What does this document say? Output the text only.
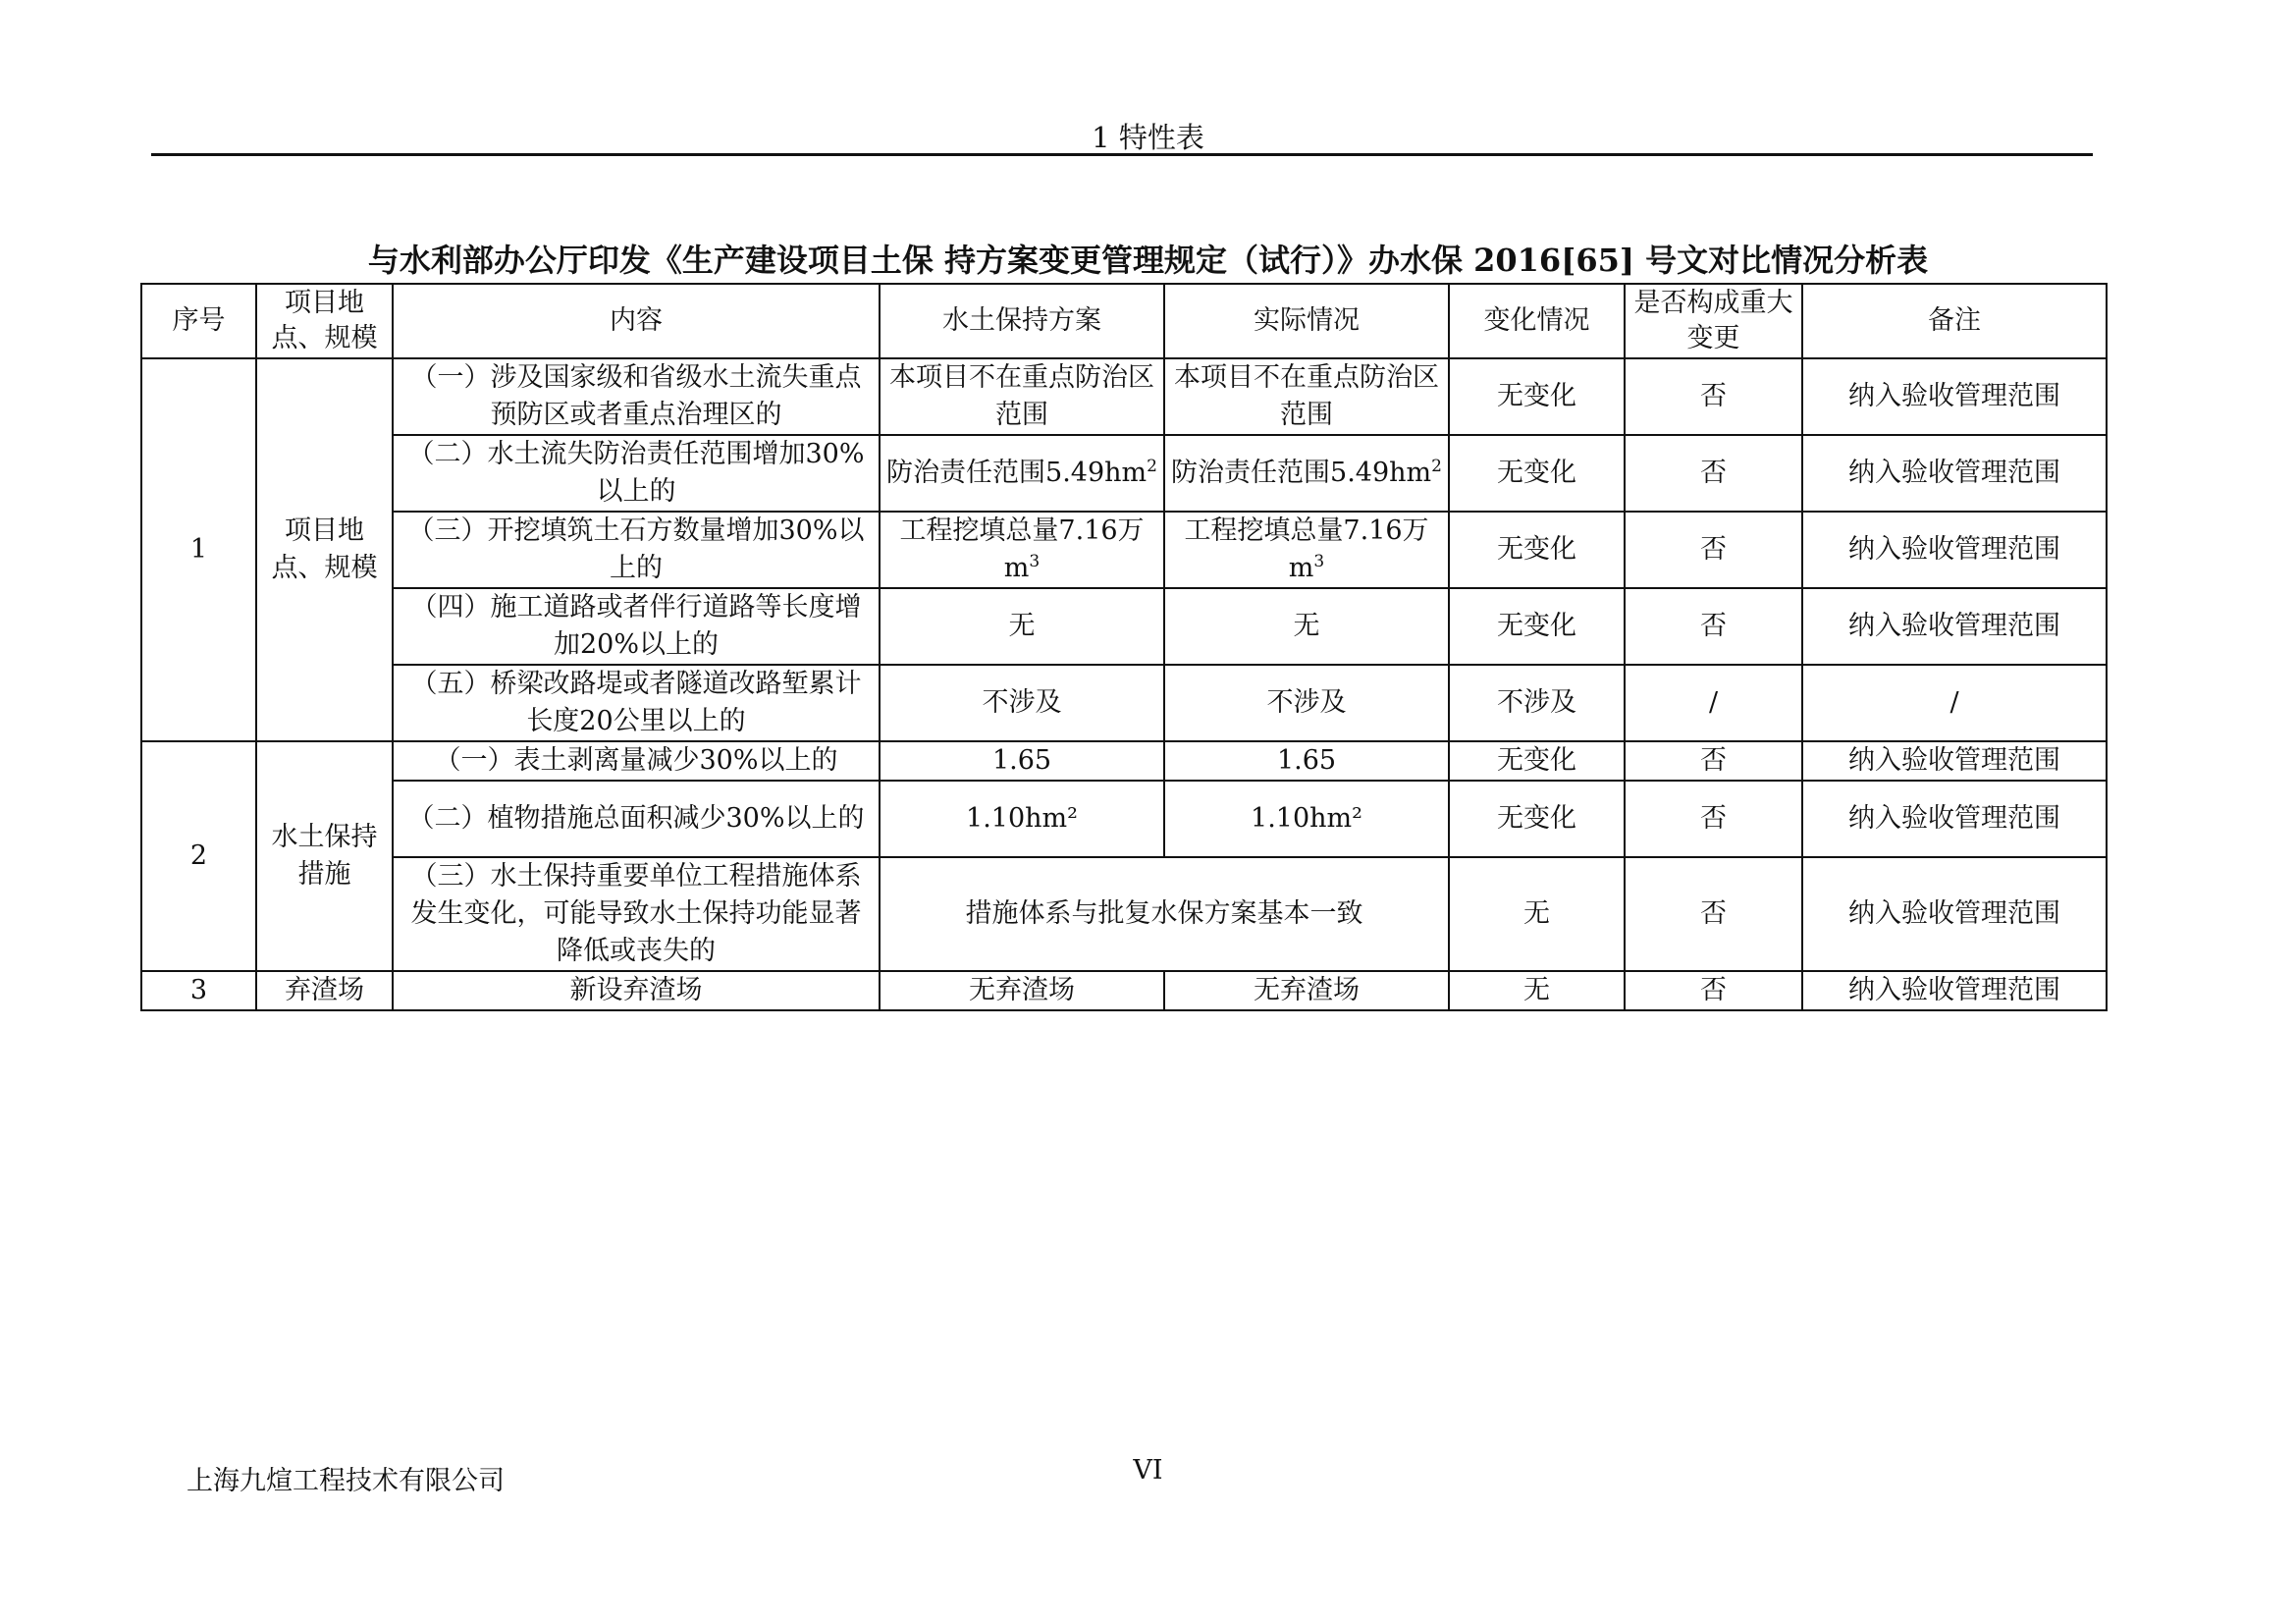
1 特性表
与水利部办公厅印发《生产建设项目土保 持方案变更管理规定（试行）》办水保 2016[65] 号文对比情况分析表
序号	项目地点、规模	内容	水土保持方案	实际情况	变化情况	是否构成重大变更	备注
1	项目地点、规模	（一）涉及国家级和省级水土流失重点预防区或者重点治理区的	本项目不在重点防治区范围	本项目不在重点防治区范围	无变化	否	纳入验收管理范围
		（二）水土流失防治责任范围增加30%以上的	防治责任范围$5.49hm^2$	防治责任范围$5.49hm^2$	无变化	否	纳入验收管理范围
		（三）开挖填筑土石方数量增加30%以上的	工程挖填总量7.16万$m^3$	工程挖填总量7.16万$m^3$	无变化	否	纳入验收管理范围
		（四）施工道路或者伴行道路等长度增加20%以上的	无	无	无变化	否	纳入验收管理范围
		（五）桥梁改路堤或者隧道改路堑累计长度20公里以上的	不涉及	不涉及	不涉及	/	/
2	水土保持措施	（一）表土剥离量减少30%以上的	1.65	1.65	无变化	否	纳入验收管理范围
		（二）植物措施总面积减少30%以上的	1.10hm²	1.10hm²	无变化	否	纳入验收管理范围
		（三）水土保持重要单位工程措施体系发生变化，可能导致水土保持功能显著降低或丧失的	措施体系与批复水保方案基本一致		无	否	纳入验收管理范围
3	弃渣场	新设弃渣场	无弃渣场	无弃渣场	无	否	纳入验收管理范围
上海九煊工程技术有限公司	VI
